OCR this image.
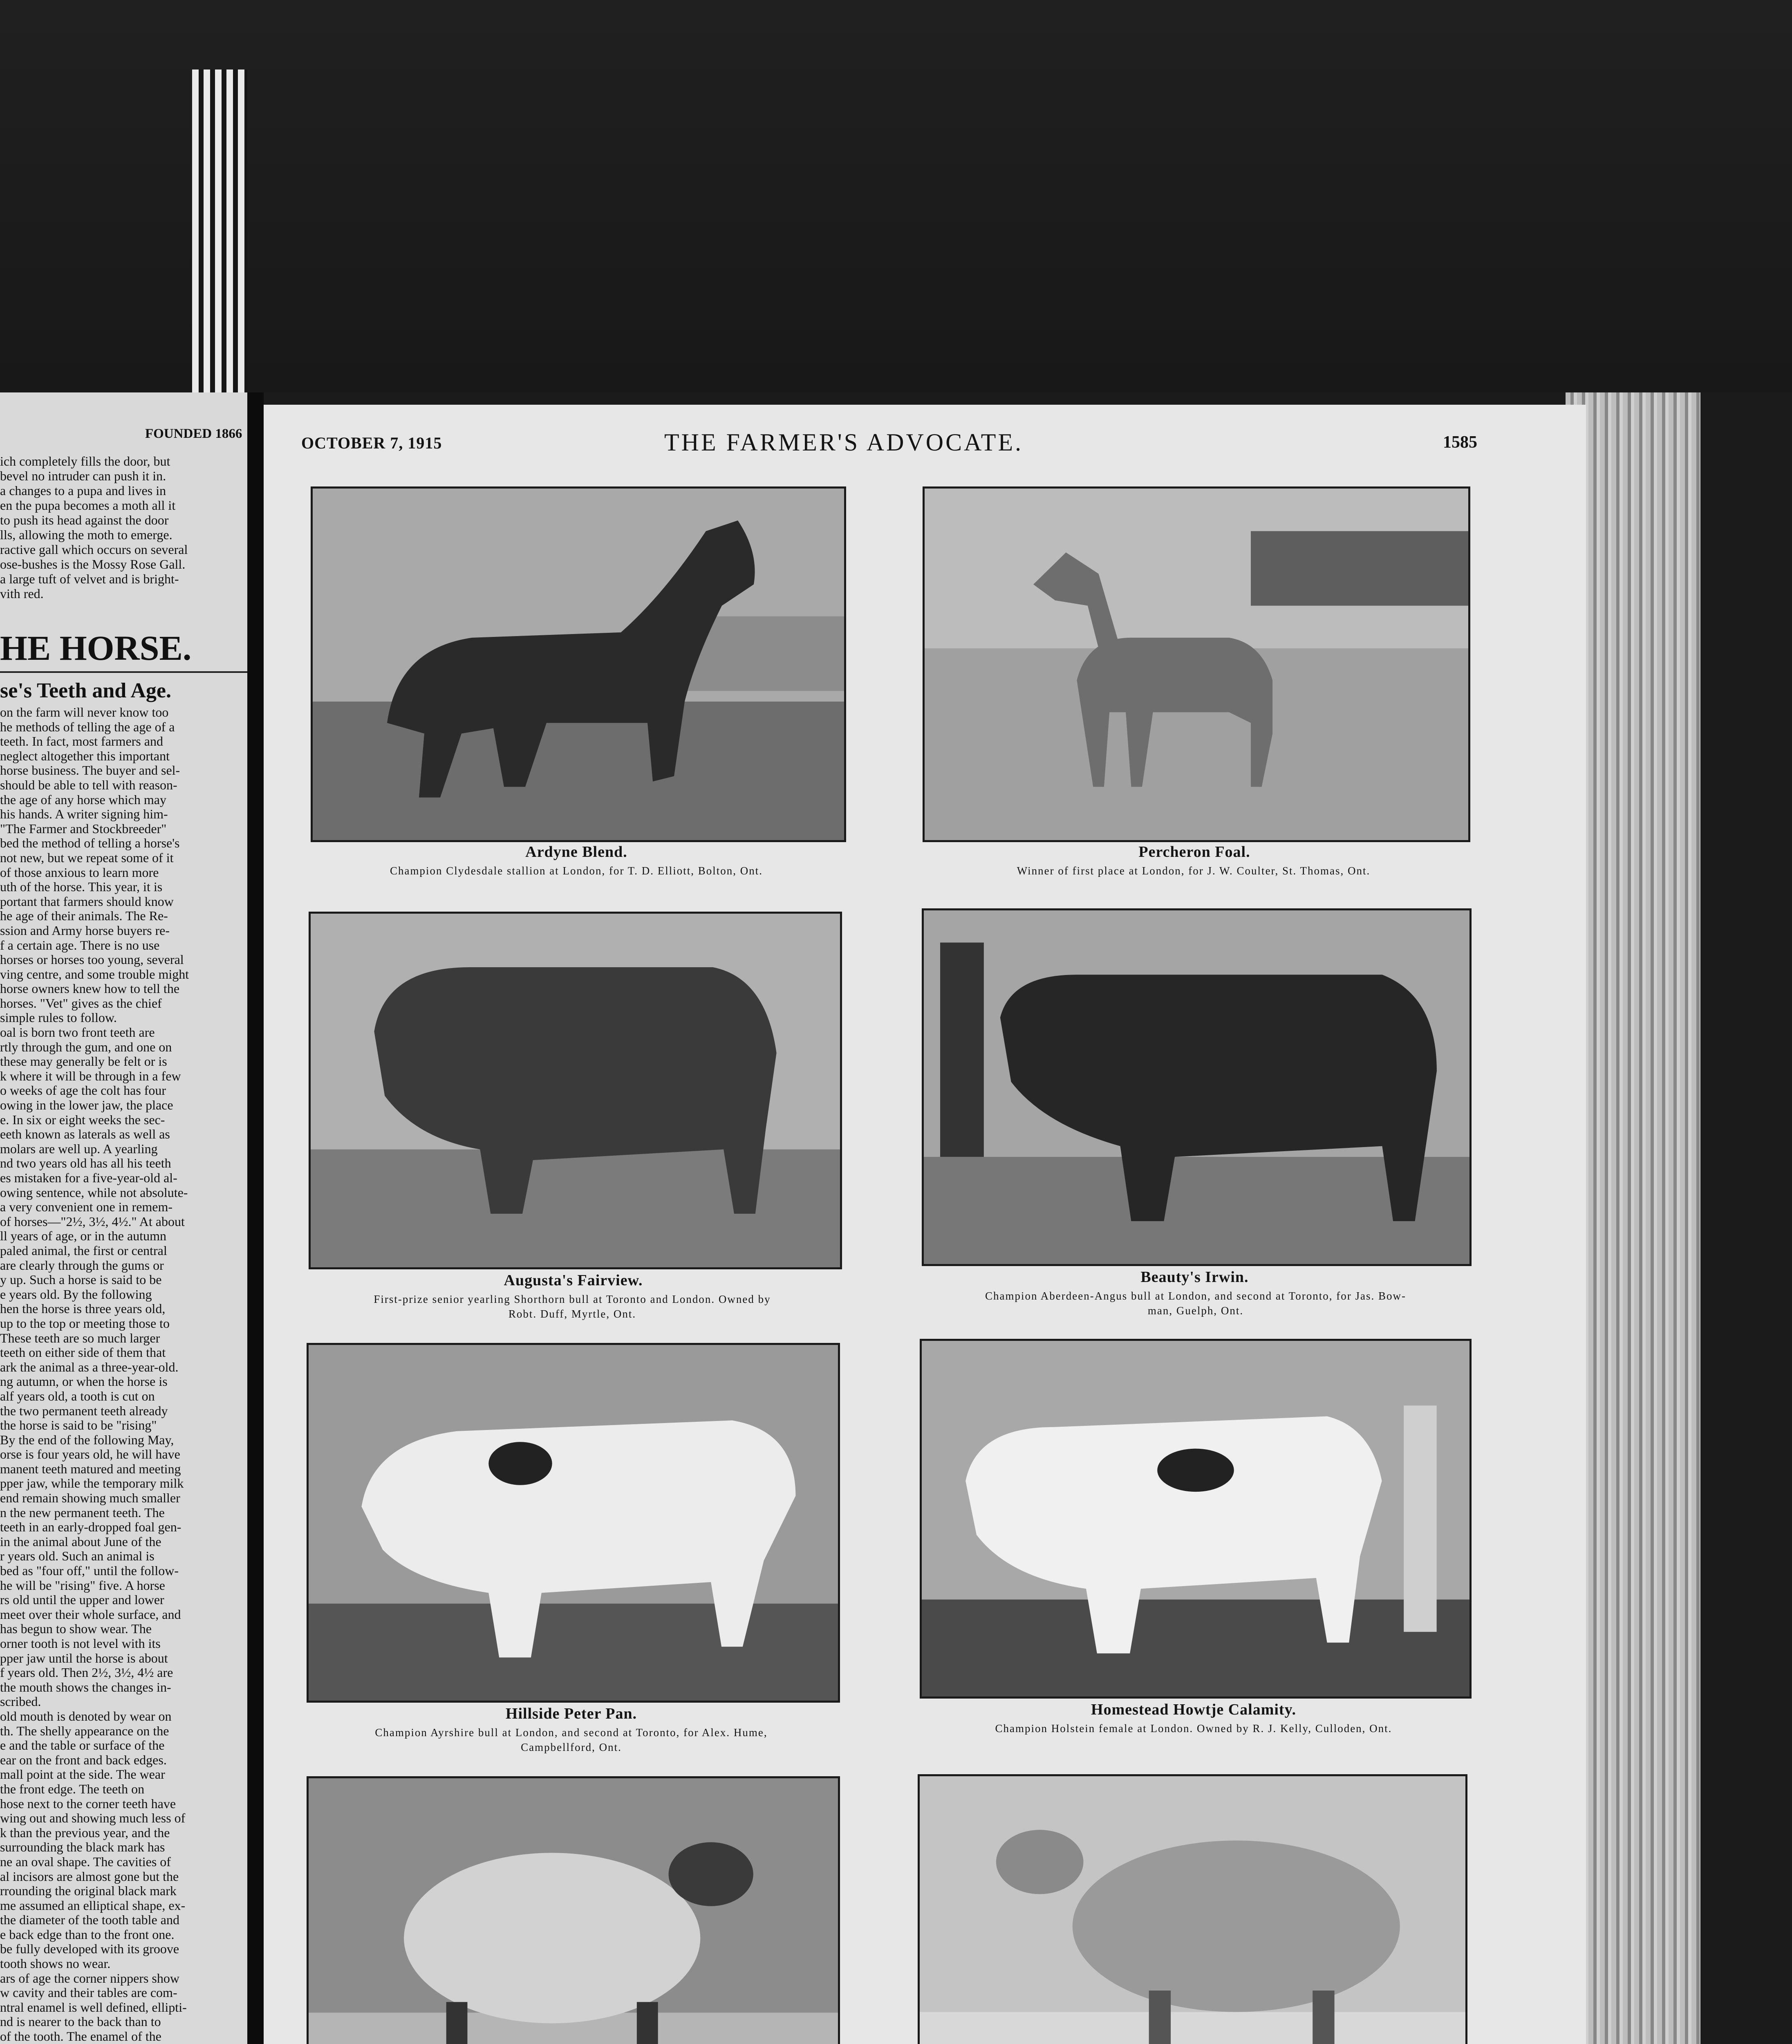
FOUNDED 1866
ich completely fills the door, but
bevel no intruder can push it in.
a changes to a pupa and lives in
en the pupa becomes a moth all it
to push its head against the door
lls, allowing the moth to emerge.
ractive gall which occurs on several
ose-bushes is the Mossy Rose Gall.
a large tuft of velvet and is bright-
vith red.
HE HORSE.
se's Teeth and Age.
on the farm will never know too
he methods of telling the age of a
teeth. In fact, most farmers and
neglect altogether this important
horse business. The buyer and sel-
should be able to tell with reason-
the age of any horse which may
his hands. A writer signing him-
"The Farmer and Stockbreeder"
bed the method of telling a horse's
not new, but we repeat some of it
of those anxious to learn more
uth of the horse. This year, it is
portant that farmers should know
he age of their animals. The Re-
ssion and Army horse buyers re-
f a certain age. There is no use
horses or horses too young, several
ving centre, and some trouble might
horse owners knew how to tell the
horses. "Vet" gives as the chief
simple rules to follow.
oal is born two front teeth are
rtly through the gum, and one on
these may generally be felt or is
k where it will be through in a few
o weeks of age the colt has four
owing in the lower jaw, the place
e. In six or eight weeks the sec-
eeth known as laterals as well as
molars are well up. A yearling
nd two years old has all his teeth
es mistaken for a five-year-old al-
owing sentence, while not absolute-
a very convenient one in remem-
of horses—"2½, 3½, 4½." At about
ll years of age, or in the autumn
paled animal, the first or central
are clearly through the gums or
y up. Such a horse is said to be
e years old. By the following
hen the horse is three years old,
up to the top or meeting those to
These teeth are so much larger
teeth on either side of them that
ark the animal as a three-year-old.
ng autumn, or when the horse is
alf years old, a tooth is cut on
the two permanent teeth already
the horse is said to be "rising"
By the end of the following May,
orse is four years old, he will have
manent teeth matured and meeting
pper jaw, while the temporary milk
end remain showing much smaller
n the new permanent teeth. The
teeth in an early-dropped foal gen-
in the animal about June of the
r years old. Such an animal is
bed as "four off," until the follow-
he will be "rising" five. A horse
rs old until the upper and lower
meet over their whole surface, and
has begun to show wear. The
orner tooth is not level with its
pper jaw until the horse is about
f years old. Then 2½, 3½, 4½ are
the mouth shows the changes in-
scribed.
old mouth is denoted by wear on
th. The shelly appearance on the
e and the table or surface of the
ear on the front and back edges.
mall point at the side. The wear
the front edge. The teeth on
hose next to the corner teeth have
wing out and showing much less of
k than the previous year, and the
surrounding the black mark has
ne an oval shape. The cavities of
al incisors are almost gone but the
rrounding the original black mark
me assumed an elliptical shape, ex-
the diameter of the tooth table and
e back edge than to the front one.
be fully developed with its groove
tooth shows no wear.
ars of age the corner nippers show
w cavity and their tables are com-
ntral enamel is well defined, ellipti-
nd is nearer to the back than to
of the tooth. The enamel of the
OCTOBER 7, 1915	THE FARMER'S ADVOCATE.	1585
Ardyne Blend.
Champion Clydesdale stallion at London, for T. D. Elliott, Bolton, Ont.
Percheron Foal.
Winner of first place at London, for J. W. Coulter, St. Thomas, Ont.
Augusta's Fairview.
First-prize senior yearling Shorthorn bull at Toronto and London. Owned by
Robt. Duff, Myrtle, Ont.
Beauty's Irwin.
Champion Aberdeen-Angus bull at London, and second at Toronto, for Jas. Bow-
man, Guelph, Ont.
Hillside Peter Pan.
Champion Ayrshire bull at London, and second at Toronto, for Alex. Hume,
Campbellford, Ont.
Homestead Howtje Calamity.
Champion Holstein female at London. Owned by R. J. Kelly, Culloden, Ont.
